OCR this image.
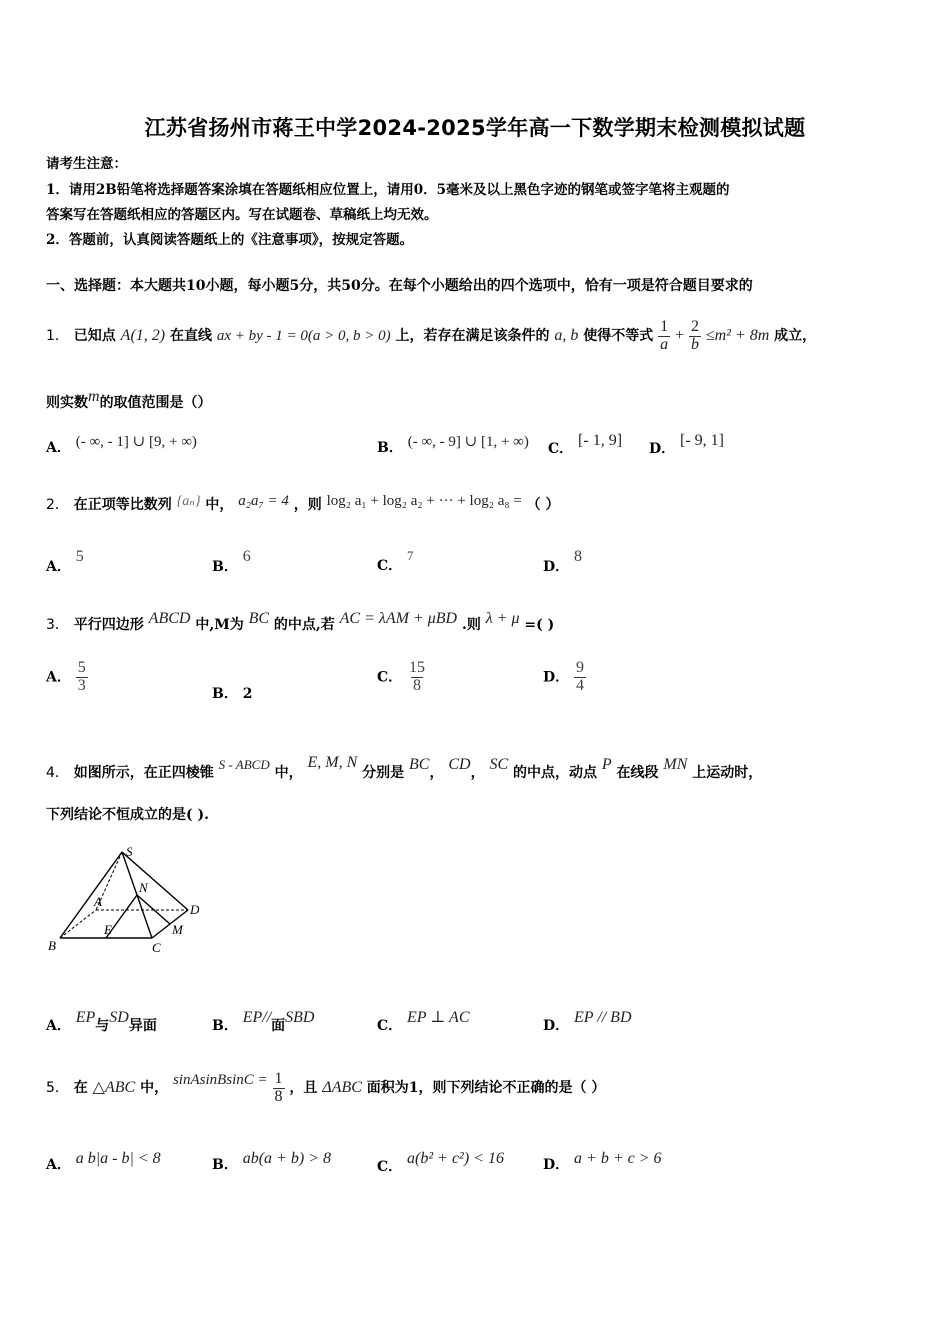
江苏省扬州市蒋王中学2024-2025学年高一下数学期末检测模拟试题
请考生注意：
1．请用2B铅笔将选择题答案涂填在答题纸相应位置上，请用0．5毫米及以上黑色字迹的钢笔或签字笔将主观题的
答案写在答题纸相应的答题区内。写在试题卷、草稿纸上均无效。
2．答题前，认真阅读答题纸上的《注意事项》，按规定答题。
一、选择题：本大题共10小题，每小题5分，共50分。在每个小题给出的四个选项中，恰有一项是符合题目要求的
1． 已知点 A(1, 2) 在直线 ax + by - 1 = 0(a > 0, b > 0) 上，若存在满足该条件的 a, b 使得不等式 $\frac{1}{a} + \frac{2}{b} \le m^2 + 8m$ 成立，
则实数m的取值范围是（）
A． (- ∞, - 1] ∪ [9, + ∞)	B． (- ∞, - 9] ∪ [1, + ∞) C． [- 1, 9] D． [- 9, 1]
2． 在正项等比数列 {aₙ} 中， a₂a₇ = 4 ，则 log₂ a₁ + log₂ a₂ + ··· + log₂ a₈ = （ ）
A． 5
B． 6
C． 7
D． 8
3． 平行四边形 ABCD 中,M为 BC 的中点,若 AC = λAM + μBD .则 λ + μ =( )
A． $\frac{5}{3}$	B． 2
C． $\frac{15}{8}$	D． $\frac{9}{4}$
4． 如图所示，在正四棱锥 S - ABCD 中， E, M, N 分别是 BC， CD， SC 的中点，动点 P 在线段 MN 上运动时，
下列结论不恒成立的是( ).
S
N
A
D
E	M
B	C
A． EP与SD异面	B． EP//面SBD	C． EP ⊥ AC	D． EP // BD
5． 在 △ABC 中， sinAsinBsinC = $\frac{1}{8}$ ，且 ΔABC 面积为1，则下列结论不正确的是（ ）
A． a b|a - b| < 8	B． ab(a + b) > 8	C． a(b² + c²) < 16	D． a + b + c > 6
